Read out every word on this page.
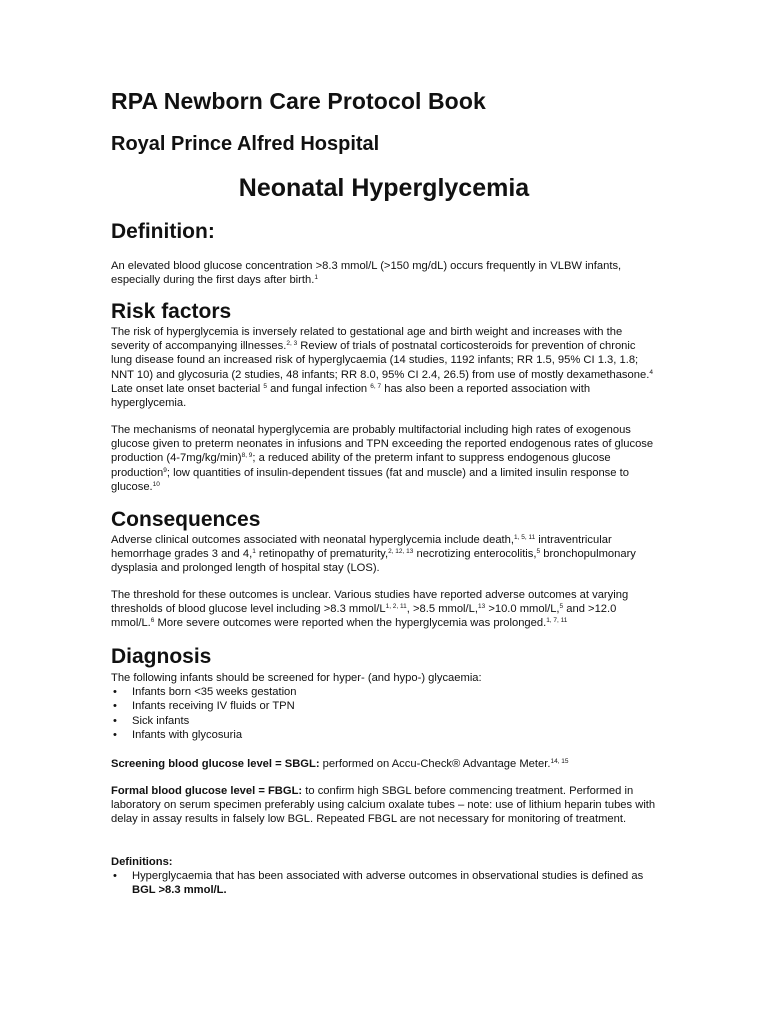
RPA Newborn Care Protocol Book
Royal Prince Alfred Hospital
Neonatal Hyperglycemia
Definition:

An elevated blood glucose concentration >8.3 mmol/L (>150 mg/dL) occurs frequently in VLBW infants, especially during the first days after birth.$^1$

Risk factors

The risk of hyperglycemia is inversely related to gestational age and birth weight and increases with the severity of accompanying illnesses.$^{2, 3}$ Review of trials of postnatal corticosteroids for prevention of chronic lung disease found an increased risk of hyperglycaemia (14 studies, 1192 infants; RR 1.5, 95% CI 1.3, 1.8; NNT 10) and glycosuria (2 studies, 48 infants; RR 8.0, 95% CI 2.4, 26.5) from use of mostly dexamethasone.$^4$ Late onset late onset bacterial $^5$ and fungal infection $^{6, 7}$ has also been a reported association with hyperglycemia.

The mechanisms of neonatal hyperglycemia are probably multifactorial including high rates of exogenous glucose given to preterm neonates in infusions and TPN exceeding the reported endogenous rates of glucose production $(4-7mg/kg/\min)^{8, 9}$; a reduced ability of the preterm infant to suppress endogenous glucose production$^9$; low quantities of insulin-dependent tissues (fat and muscle) and a limited insulin response to glucose.$^{10}$

Consequences

Adverse clinical outcomes associated with neonatal hyperglycemia include death,$^{1, 5, 11}$ intraventricular hemorrhage grades 3 and 4,$^1$ retinopathy of prematurity,$^{2, 12, 13}$ necrotizing enterocolitis,$^5$ bronchopulmonary dysplasia and prolonged length of hospital stay (LOS).

The threshold for these outcomes is unclear. Various studies have reported adverse outcomes at varying thresholds of blood glucose level including >8.3 mmol/$L^{1, 2, 11}$, >8.5 mmol/L,$^{13}$ >10.0 mmol/L,$^5$ and >12.0 mmol/L.$^6$ More severe outcomes were reported when the hyperglycemia was prolonged.$^{1, 7, 11}$

Diagnosis
The following infants should be screened for hyper- (and hypo-) glycaemia:
• Infants born <35 weeks gestation
• Infants receiving IV fluids or TPN
• Sick infants
• Infants with glycosuria

Screening blood glucose level = SBGL: performed on Accu-Check® Advantage Meter.$^{14, 15}$

Formal blood glucose level = FBGL: to confirm high SBGL before commencing treatment. Performed in laboratory on serum specimen preferably using calcium oxalate tubes – note: use of lithium heparin tubes with delay in assay results in falsely low BGL. Repeated FBGL are not necessary for monitoring of treatment.

Definitions:
• Hyperglycaemia that has been associated with adverse outcomes in observational studies is defined as BGL >8.3 mmol/L.
